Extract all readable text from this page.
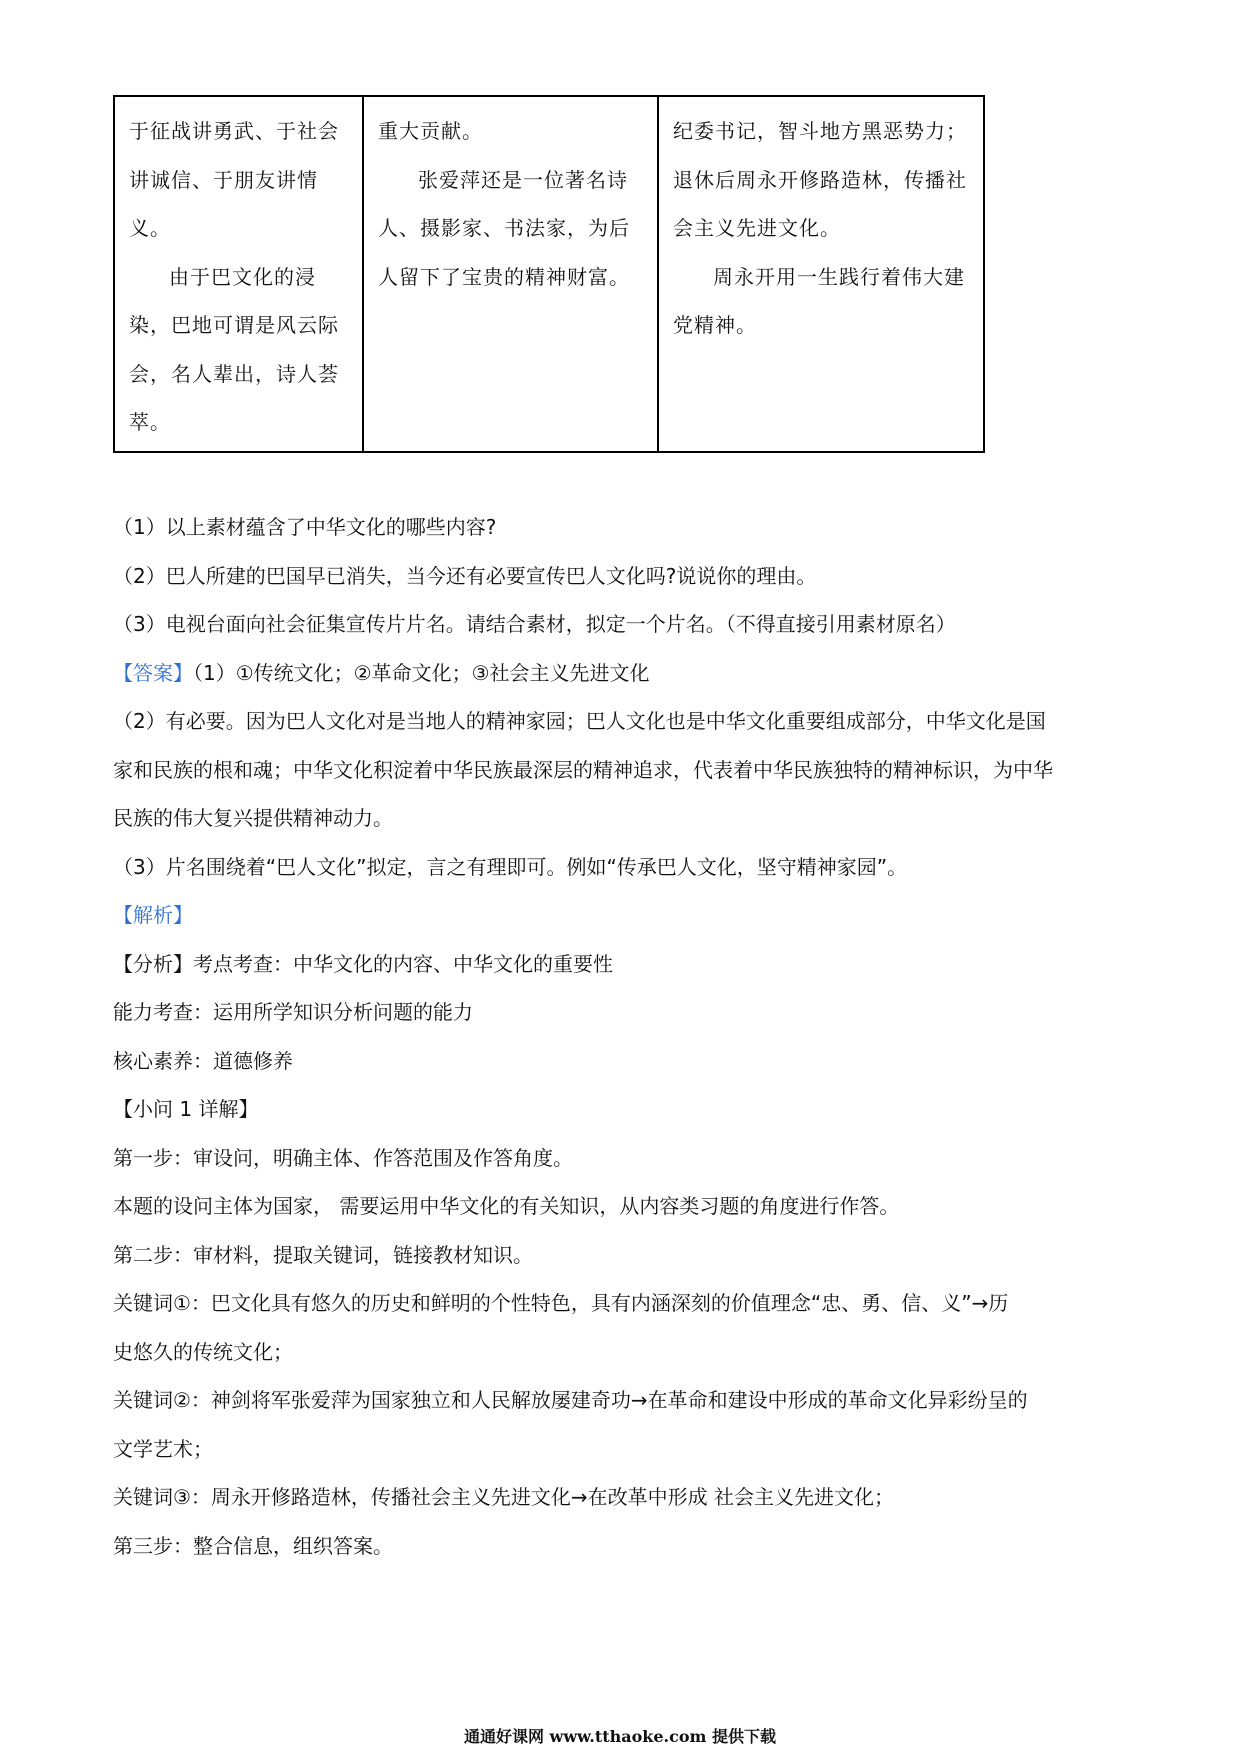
于征战讲勇武、于社会讲诚信、于朋友讲情义。

由于巴文化的浸染，巴地可谓是风云际会，名人辈出，诗人荟萃。

重大贡献。

张爱萍还是一位著名诗人、摄影家、书法家，为后人留下了宝贵的精神财富。

纪委书记，智斗地方黑恶势力；退休后周永开修路造林，传播社会主义先进文化。

周永开用一生践行着伟大建党精神。

（1）以上素材蕴含了中华文化的哪些内容?
（2）巴人所建的巴国早已消失，当今还有必要宣传巴人文化吗?说说你的理由。
（3）电视台面向社会征集宣传片片名。请结合素材，拟定一个片名。（不得直接引用素材原名）
【答案】（1）①传统文化；②革命文化；③社会主义先进文化
（2）有必要。因为巴人文化对是当地人的精神家园；巴人文化也是中华文化重要组成部分，中华文化是国
家和民族的根和魂；中华文化积淀着中华民族最深层的精神追求，代表着中华民族独特的精神标识，为中华
民族的伟大复兴提供精神动力。
（3）片名围绕着“巴人文化”拟定，言之有理即可。例如“传承巴人文化，坚守精神家园”。
【解析】
【分析】考点考查：中华文化的内容、中华文化的重要性
能力考查：运用所学知识分析问题的能力
核心素养：道德修养
【小问 1 详解】
第一步：审设问，明确主体、作答范围及作答角度。
本题的设问主体为国家， 需要运用中华文化的有关知识，从内容类习题的角度进行作答。
第二步：审材料，提取关键词，链接教材知识。
关键词①：巴文化具有悠久的历史和鲜明的个性特色，具有内涵深刻的价值理念“忠、勇、信、义”→历
史悠久的传统文化；
关键词②：神剑将军张爱萍为国家独立和人民解放屡建奇功→在革命和建设中形成的革命文化异彩纷呈的
文学艺术；
关键词③：周永开修路造林，传播社会主义先进文化→在改革中形成 社会主义先进文化；
第三步：整合信息，组织答案。
通通好课网 www.tthaoke.com 提供下载
